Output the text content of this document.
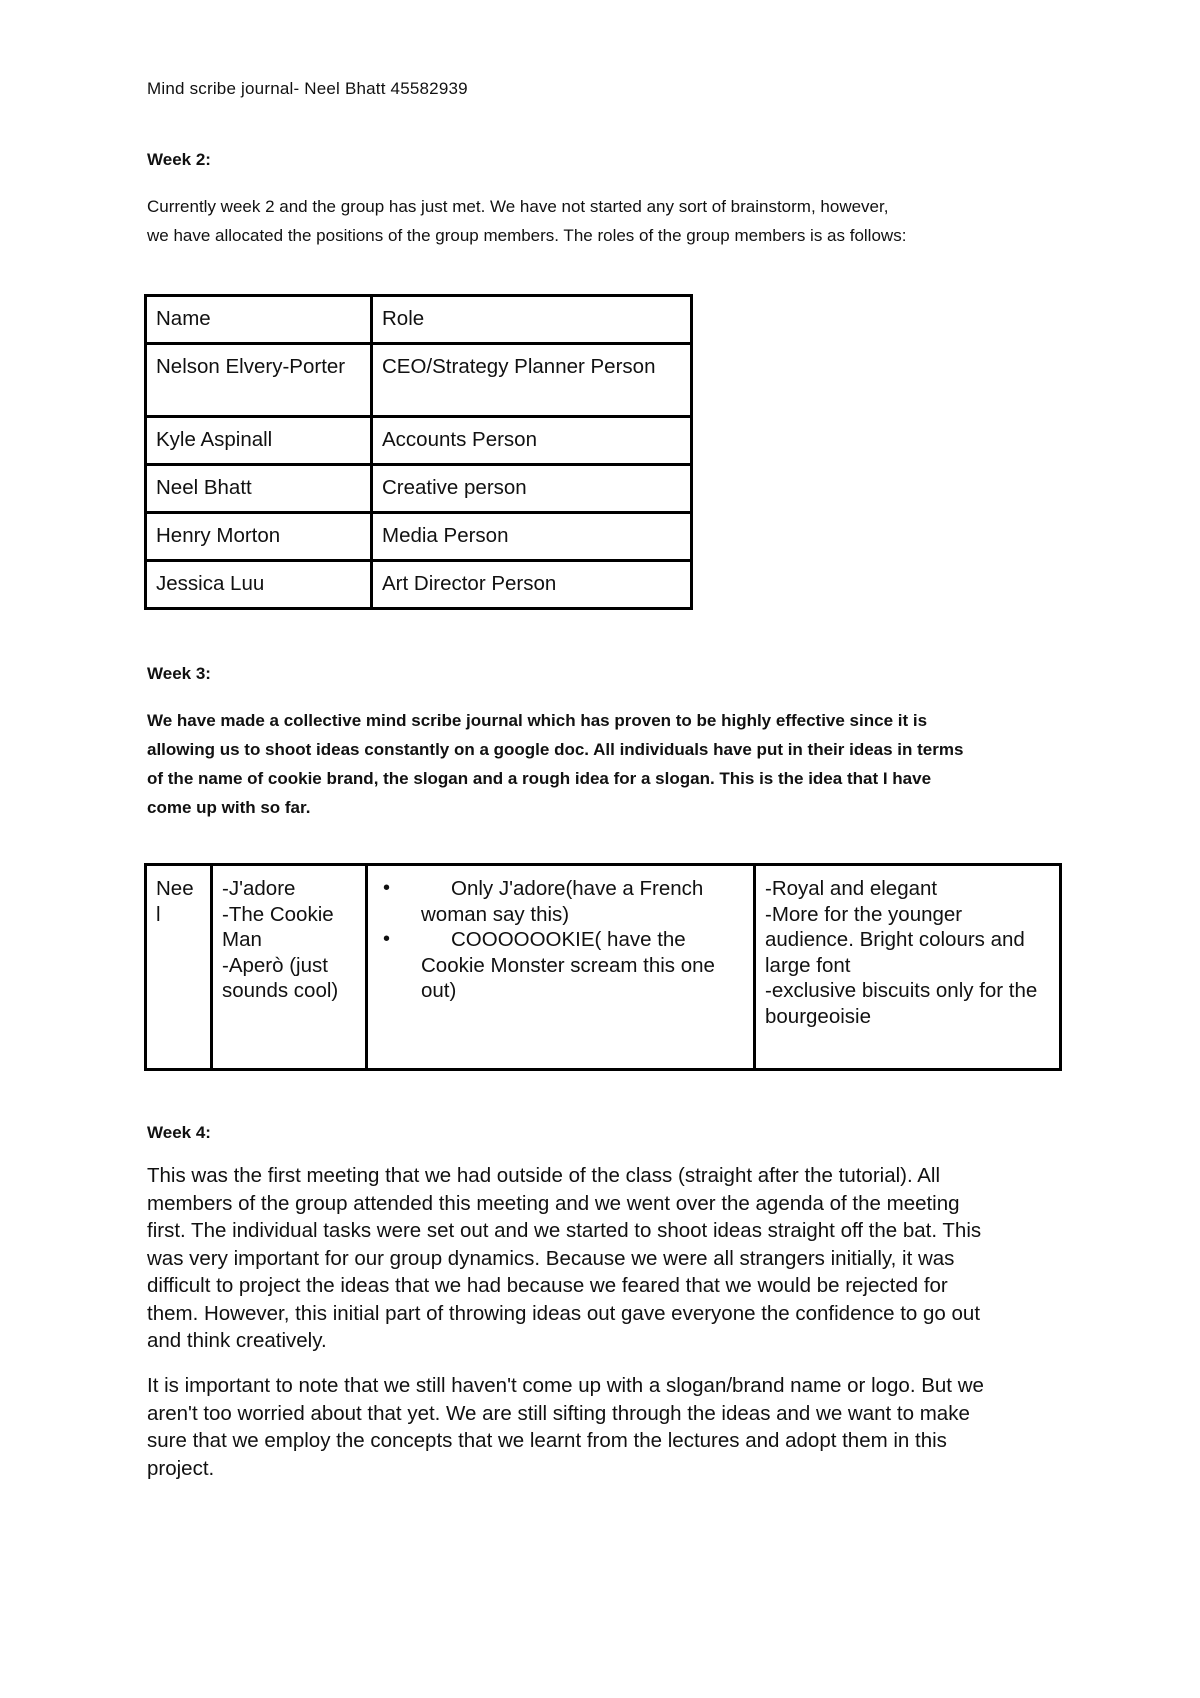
Mind scribe journal- Neel Bhatt 45582939
Week 2:

Currently week 2 and the group has just met. We have not started any sort of brainstorm, however,
we have allocated the positions of the group members. The roles of the group members is as follows:

Name	Role
Nelson Elvery-Porter	CEO/Strategy Planner Person
Kyle Aspinall	Accounts Person
Neel Bhatt	Creative person
Henry Morton	Media Person
Jessica Luu	Art Director Person
Week 3:

We have made a collective mind scribe journal which has proven to be highly effective since it is
allowing us to shoot ideas constantly on a google doc. All individuals have put in their ideas in terms
of the name of cookie brand, the slogan and a rough idea for a slogan. This is the idea that I have
come up with so far.

Nee
l

-J'adore
-The Cookie
Man
-Aperò (just
sounds cool)

• Only J'adore(have a French woman say this)
• COOOOOOKIE( have the Cookie Monster scream this one out)

-Royal and elegant
-More for the younger audience. Bright colours and large font
-exclusive biscuits only for the bourgeoisie
Week 4:

This was the first meeting that we had outside of the class (straight after the tutorial). All
members of the group attended this meeting and we went over the agenda of the meeting
first. The individual tasks were set out and we started to shoot ideas straight off the bat. This
was very important for our group dynamics. Because we were all strangers initially, it was
difficult to project the ideas that we had because we feared that we would be rejected for
them. However, this initial part of throwing ideas out gave everyone the confidence to go out
and think creatively.

It is important to note that we still haven't come up with a slogan/brand name or logo. But we
aren't too worried about that yet. We are still sifting through the ideas and we want to make
sure that we employ the concepts that we learnt from the lectures and adopt them in this
project.
